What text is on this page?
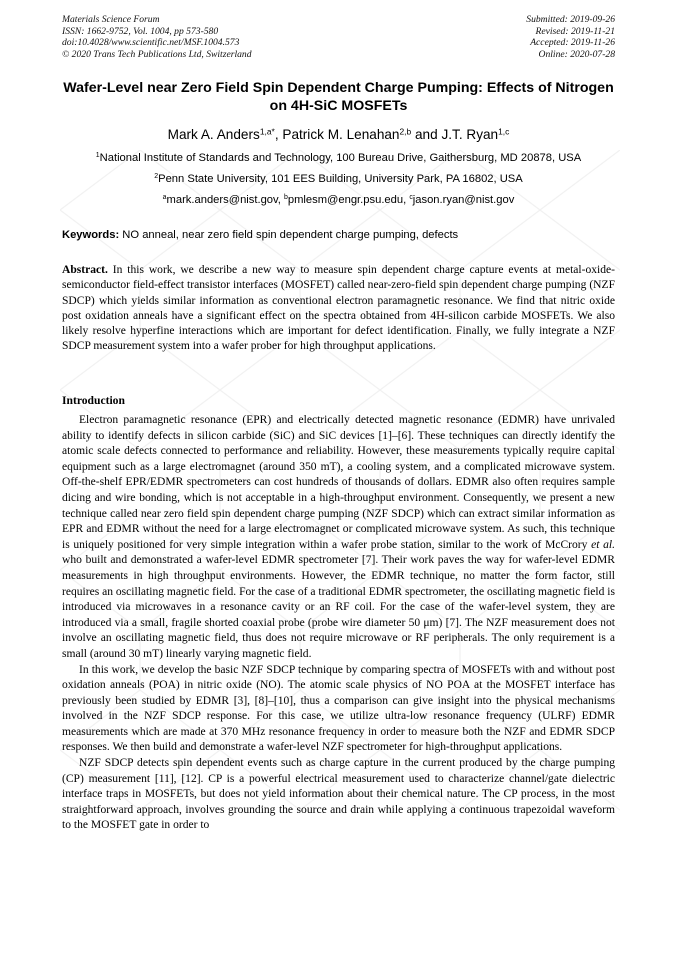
Materials Science Forum
ISSN: 1662-9752, Vol. 1004, pp 573-580
doi:10.4028/www.scientific.net/MSF.1004.573
© 2020 Trans Tech Publications Ltd, Switzerland
Submitted: 2019-09-26
Revised: 2019-11-21
Accepted: 2019-11-26
Online: 2020-07-28
Wafer-Level near Zero Field Spin Dependent Charge Pumping: Effects of Nitrogen on 4H-SiC MOSFETs
Mark A. Anders$^{1,a*}$, Patrick M. Lenahan$^{2,b}$ and J.T. Ryan$^{1,c}$
$^1$National Institute of Standards and Technology, 100 Bureau Drive, Gaithersburg, MD 20878, USA
$^2$Penn State University, 101 EES Building, University Park, PA 16802, USA
$^a$mark.anders@nist.gov, $^b$pmlesm@engr.psu.edu, $^c$jason.ryan@nist.gov
Keywords: NO anneal, near zero field spin dependent charge pumping, defects
Abstract. In this work, we describe a new way to measure spin dependent charge capture events at metal-oxide-semiconductor field-effect transistor interfaces (MOSFET) called near-zero-field spin dependent charge pumping (NZF SDCP) which yields similar information as conventional electron paramagnetic resonance. We find that nitric oxide post oxidation anneals have a significant effect on the spectra obtained from 4H-silicon carbide MOSFETs. We also likely resolve hyperfine interactions which are important for defect identification. Finally, we fully integrate a NZF SDCP measurement system into a wafer prober for high throughput applications.
Introduction

Electron paramagnetic resonance (EPR) and electrically detected magnetic resonance (EDMR) have unrivaled ability to identify defects in silicon carbide (SiC) and SiC devices [1]–[6]. These techniques can directly identify the atomic scale defects connected to performance and reliability. However, these measurements typically require capital equipment such as a large electromagnet (around 350 mT), a cooling system, and a complicated microwave system. Off-the-shelf EPR/EDMR spectrometers can cost hundreds of thousands of dollars. EDMR also often requires sample dicing and wire bonding, which is not acceptable in a high-throughput environment. Consequently, we present a new technique called near zero field spin dependent charge pumping (NZF SDCP) which can extract similar information as EPR and EDMR without the need for a large electromagnet or complicated microwave system. As such, this technique is uniquely positioned for very simple integration within a wafer probe station, similar to the work of McCrory et al. who built and demonstrated a wafer-level EDMR spectrometer [7]. Their work paves the way for wafer-level EDMR measurements in high throughput environments. However, the EDMR technique, no matter the form factor, still requires an oscillating magnetic field. For the case of a traditional EDMR spectrometer, the oscillating magnetic field is introduced via microwaves in a resonance cavity or an RF coil. For the case of the wafer-level system, they are introduced via a small, fragile shorted coaxial probe (probe wire diameter 50 μm) [7]. The NZF measurement does not involve an oscillating magnetic field, thus does not require microwave or RF peripherals. The only requirement is a small (around 30 mT) linearly varying magnetic field.

In this work, we develop the basic NZF SDCP technique by comparing spectra of MOSFETs with and without post oxidation anneals (POA) in nitric oxide (NO). The atomic scale physics of NO POA at the MOSFET interface has previously been studied by EDMR [3], [8]–[10], thus a comparison can give insight into the physical mechanisms involved in the NZF SDCP response. For this case, we utilize ultra-low resonance frequency (ULRF) EDMR measurements which are made at 370 MHz resonance frequency in order to measure both the NZF and EDMR SDCP responses. We then build and demonstrate a wafer-level NZF spectrometer for high-throughput applications.

NZF SDCP detects spin dependent events such as charge capture in the current produced by the charge pumping (CP) measurement [11], [12]. CP is a powerful electrical measurement used to characterize channel/gate dielectric interface traps in MOSFETs, but does not yield information about their chemical nature. The CP process, in the most straightforward approach, involves grounding the source and drain while applying a continuous trapezoidal waveform to the MOSFET gate in order to
